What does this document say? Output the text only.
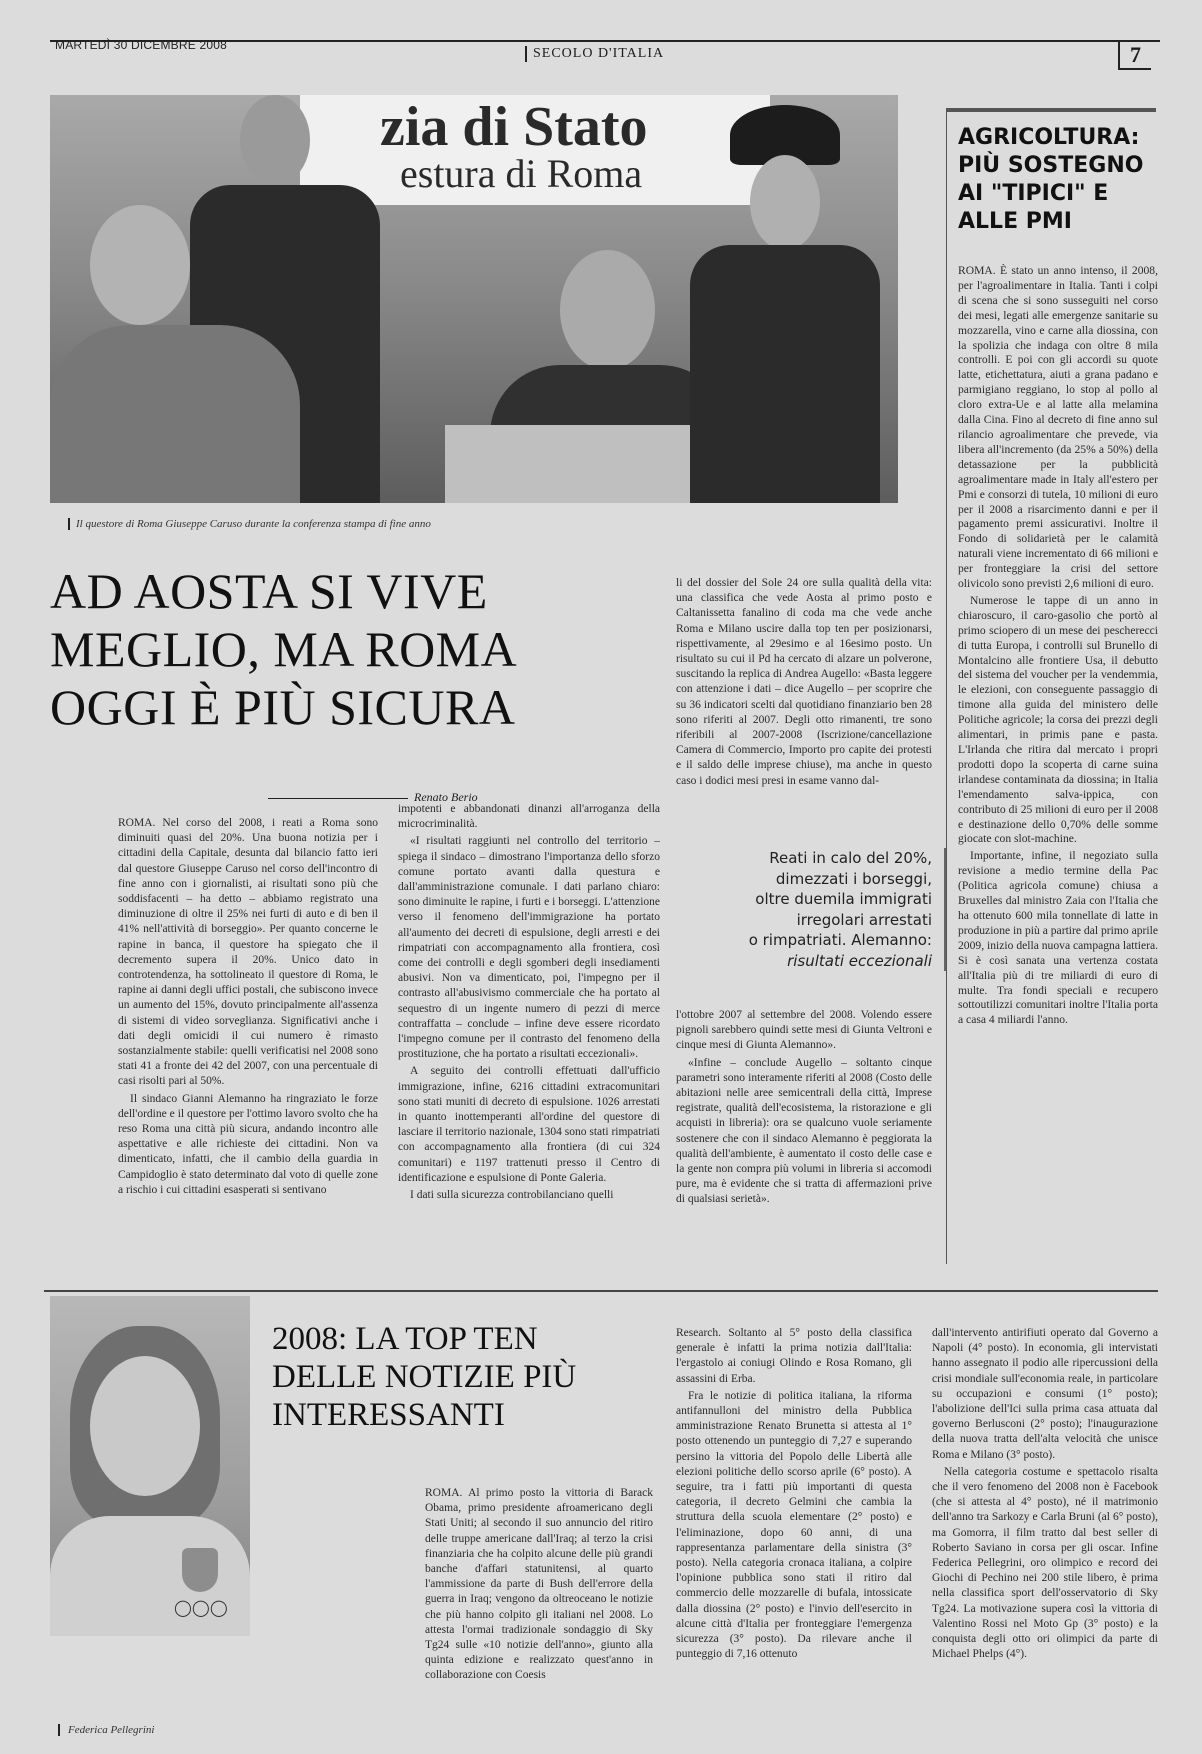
MARTEDÌ 30 DICEMBRE 2008
SECOLO D'ITALIA	7
zia di Stato
estura di Roma
Il questore di Roma Giuseppe Caruso durante la conferenza stampa di fine anno
AD AOSTA SI VIVE MEGLIO, MA ROMA OGGI È PIÙ SICURA
Renato Berio

ROMA. Nel corso del 2008, i reati a Roma sono diminuiti quasi del 20%. Una buona notizia per i cittadini della Capitale, desunta dal bilancio fatto ieri dal questore Giuseppe Caruso nel corso dell'incontro di fine anno con i giornalisti, ai risultati sono più che soddisfacenti – ha detto – abbiamo registrato una diminuzione di oltre il 25% nei furti di auto e di ben il 41% nell'attività di borseggio». Per quanto concerne le rapine in banca, il questore ha spiegato che il decremento supera il 20%. Unico dato in controtendenza, ha sottolineato il questore di Roma, le rapine ai danni degli uffici postali, che subiscono invece un aumento del 15%, dovuto principalmente all'assenza di sistemi di video sorveglianza. Significativi anche i dati degli omicidi il cui numero è rimasto sostanzialmente stabile: quelli verificatisi nel 2008 sono stati 41 a fronte dei 42 del 2007, con una percentuale di casi risolti pari al 50%.

Il sindaco Gianni Alemanno ha ringraziato le forze dell'ordine e il questore per l'ottimo lavoro svolto che ha reso Roma una città più sicura, andando incontro alle aspettative e alle richieste dei cittadini. Non va dimenticato, infatti, che il cambio della guardia in Campidoglio è stato determinato dal voto di quelle zone a rischio i cui cittadini esasperati si sentivano

impotenti e abbandonati dinanzi all'arroganza della microcriminalità.

«I risultati raggiunti nel controllo del territorio – spiega il sindaco – dimostrano l'importanza dello sforzo comune portato avanti dalla questura e dall'amministrazione comunale. I dati parlano chiaro: sono diminuite le rapine, i furti e i borseggi. L'attenzione verso il fenomeno dell'immigrazione ha portato all'aumento dei decreti di espulsione, degli arresti e dei rimpatriati con accompagnamento alla frontiera, così come dei controlli e degli sgomberi degli insediamenti abusivi. Non va dimenticato, poi, l'impegno per il contrasto all'abusivismo commerciale che ha portato al sequestro di un ingente numero di pezzi di merce contraffatta – conclude – infine deve essere ricordato l'impegno comune per il contrasto del fenomeno della prostituzione, che ha portato a risultati eccezionali».

A seguito dei controlli effettuati dall'ufficio immigrazione, infine, 6216 cittadini extracomunitari sono stati muniti di decreto di espulsione. 1026 arrestati in quanto inottemperanti all'ordine del questore di lasciare il territorio nazionale, 1304 sono stati rimpatriati con accompagnamento alla frontiera (di cui 324 comunitari) e 1197 trattenuti presso il Centro di identificazione e espulsione di Ponte Galeria.

I dati sulla sicurezza controbilanciano quelli

li del dossier del Sole 24 ore sulla qualità della vita: una classifica che vede Aosta al primo posto e Caltanissetta fanalino di coda ma che vede anche Roma e Milano uscire dalla top ten per posizionarsi, rispettivamente, al 29esimo e al 16esimo posto. Un risultato su cui il Pd ha cercato di alzare un polverone, suscitando la replica di Andrea Augello: «Basta leggere con attenzione i dati – dice Augello – per scoprire che su 36 indicatori scelti dal quotidiano finanziario ben 28 sono riferiti al 2007. Degli otto rimanenti, tre sono riferibili al 2007-2008 (Iscrizione/cancellazione Camera di Commercio, Importo pro capite dei protesti e il saldo delle imprese chiuse), ma anche in questo caso i dodici mesi presi in esame vanno dal-

Reati in calo del 20%,
dimezzati i borseggi,
oltre duemila immigrati
irregolari arrestati
o rimpatriati. Alemanno:
risultati eccezionali

l'ottobre 2007 al settembre del 2008. Volendo essere pignoli sarebbero quindi sette mesi di Giunta Veltroni e cinque mesi di Giunta Alemanno».

«Infine – conclude Augello – soltanto cinque parametri sono interamente riferiti al 2008 (Costo delle abitazioni nelle aree semicentrali della città, Imprese registrate, qualità dell'ecosistema, la ristorazione e gli acquisti in libreria): ora se qualcuno vuole seriamente sostenere che con il sindaco Alemanno è peggiorata la qualità dell'ambiente, è aumentato il costo delle case e la gente non compra più volumi in libreria si accomodi pure, ma è evidente che si tratta di affermazioni prive di qualsiasi serietà».

AGRICOLTURA: PIÙ SOSTEGNO AI "TIPICI" E ALLE PMI

ROMA. È stato un anno intenso, il 2008, per l'agroalimentare in Italia. Tanti i colpi di scena che si sono susseguiti nel corso dei mesi, legati alle emergenze sanitarie su mozzarella, vino e carne alla diossina, con la spolizia che indaga con oltre 8 mila controlli. E poi con gli accordi su quote latte, etichettatura, aiuti a grana padano e parmigiano reggiano, lo stop al pollo al cloro extra-Ue e al latte alla melamina dalla Cina. Fino al decreto di fine anno sul rilancio agroalimentare che prevede, via libera all'incremento (da 25% a 50%) della detassazione per la pubblicità agroalimentare made in Italy all'estero per Pmi e consorzi di tutela, 10 milioni di euro per il 2008 a risarcimento danni e per il pagamento premi assicurativi. Inoltre il Fondo di solidarietà per le calamità naturali viene incrementato di 66 milioni e per fronteggiare la crisi del settore olivicolo sono previsti 2,6 milioni di euro.

Numerose le tappe di un anno in chiaroscuro, il caro-gasolio che portò al primo sciopero di un mese dei pescherecci di tutta Europa, i controlli sul Brunello di Montalcino alle frontiere Usa, il debutto del sistema del voucher per la vendemmia, le elezioni, con conseguente passaggio di timone alla guida del ministero delle Politiche agricole; la corsa dei prezzi degli alimentari, in primis pane e pasta. L'Irlanda che ritira dal mercato i propri prodotti dopo la scoperta di carne suina irlandese contaminata da diossina; in Italia l'emendamento salva-ippica, con contributo di 25 milioni di euro per il 2008 e destinazione dello 0,70% delle somme giocate con slot-machine.

Importante, infine, il negoziato sulla revisione a medio termine della Pac (Politica agricola comune) chiusa a Bruxelles dal ministro Zaia con l'Italia che ha ottenuto 600 mila tonnellate di latte in produzione in più a partire dal primo aprile 2009, inizio della nuova campagna lattiera. Si è così sanata una vertenza costata all'Italia più di tre miliardi di euro di multe. Tra fondi speciali e recupero sottoutilizzi comunitari inoltre l'Italia porta a casa 4 miliardi l'anno.

◯◯◯
Federica Pellegrini
2008: LA TOP TEN DELLE NOTIZIE PIÙ INTERESSANTI

ROMA. Al primo posto la vittoria di Barack Obama, primo presidente afroamericano degli Stati Uniti; al secondo il suo annuncio del ritiro delle truppe americane dall'Iraq; al terzo la crisi finanziaria che ha colpito alcune delle più grandi banche d'affari statunitensi, al quarto l'ammissione da parte di Bush dell'errore della guerra in Iraq; vengono da oltreoceano le notizie che più hanno colpito gli italiani nel 2008. Lo attesta l'ormai tradizionale sondaggio di Sky Tg24 sulle «10 notizie dell'anno», giunto alla quinta edizione e realizzato quest'anno in collaborazione con Coesis

Research. Soltanto al 5° posto della classifica generale è infatti la prima notizia dall'Italia: l'ergastolo ai coniugi Olindo e Rosa Romano, gli assassini di Erba.

Fra le notizie di politica italiana, la riforma antifannulloni del ministro della Pubblica amministrazione Renato Brunetta si attesta al 1° posto ottenendo un punteggio di 7,27 e superando persino la vittoria del Popolo delle Libertà alle elezioni politiche dello scorso aprile (6° posto). A seguire, tra i fatti più importanti di questa categoria, il decreto Gelmini che cambia la struttura della scuola elementare (2° posto) e l'eliminazione, dopo 60 anni, di una rappresentanza parlamentare della sinistra (3° posto). Nella categoria cronaca italiana, a colpire l'opinione pubblica sono stati il ritiro dal commercio delle mozzarelle di bufala, intossicate dalla diossina (2° posto) e l'invio dell'esercito in alcune città d'Italia per fronteggiare l'emergenza sicurezza (3° posto). Da rilevare anche il punteggio di 7,16 ottenuto

dall'intervento antirifiuti operato dal Governo a Napoli (4° posto). In economia, gli intervistati hanno assegnato il podio alle ripercussioni della crisi mondiale sull'economia reale, in particolare su occupazioni e consumi (1° posto); l'abolizione dell'Ici sulla prima casa attuata dal governo Berlusconi (2° posto); l'inaugurazione della nuova tratta dell'alta velocità che unisce Roma e Milano (3° posto).

Nella categoria costume e spettacolo risalta che il vero fenomeno del 2008 non è Facebook (che si attesta al 4° posto), né il matrimonio dell'anno tra Sarkozy e Carla Bruni (al 6° posto), ma Gomorra, il film tratto dal best seller di Roberto Saviano in corsa per gli oscar. Infine Federica Pellegrini, oro olimpico e record dei Giochi di Pechino nei 200 stile libero, è prima nella classifica sport dell'osservatorio di Sky Tg24. La motivazione supera così la vittoria di Valentino Rossi nel Moto Gp (3° posto) e la conquista degli otto ori olimpici da parte di Michael Phelps (4°).
